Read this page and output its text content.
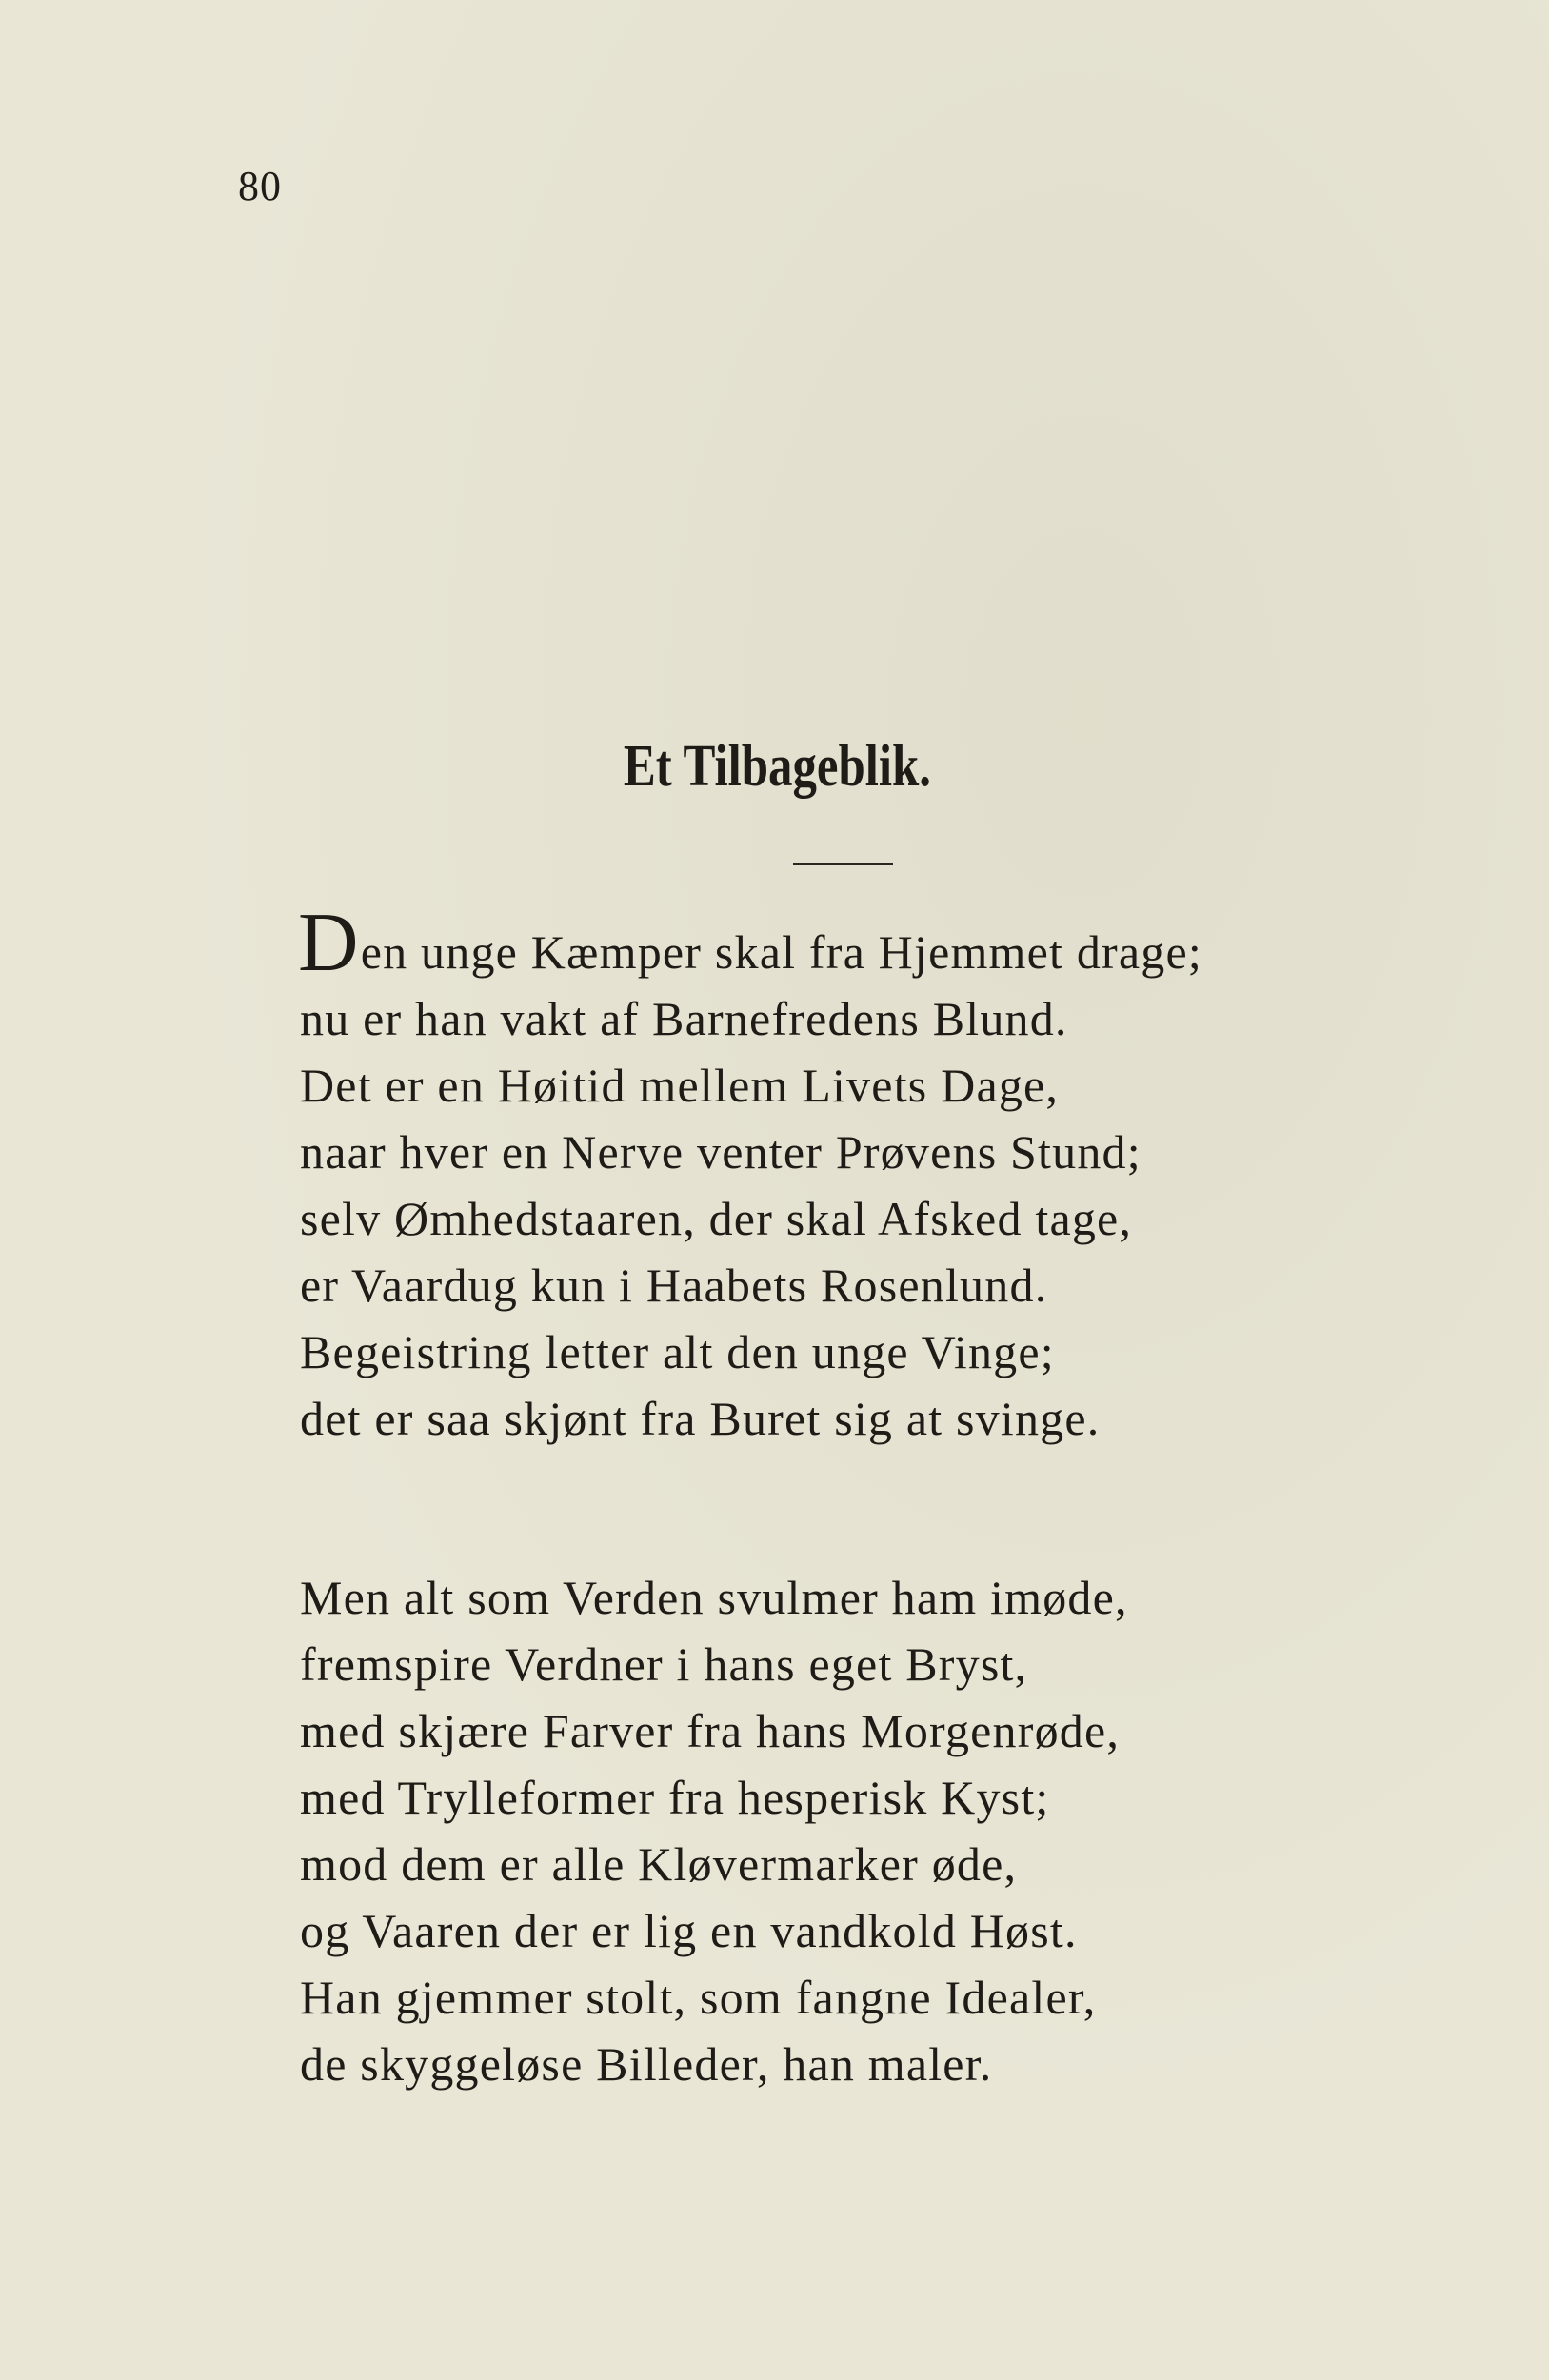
80
Et Tilbageblik.
Den unge Kæmper skal fra Hjemmet drage;
nu er han vakt af Barnefredens Blund.
Det er en Høitid mellem Livets Dage,
naar hver en Nerve venter Prøvens Stund;
selv Ømhedstaaren, der skal Afsked tage,
er Vaardug kun i Haabets Rosenlund.
Begeistring letter alt den unge Vinge;
det er saa skjønt fra Buret sig at svinge.
Men alt som Verden svulmer ham imøde,
fremspire Verdner i hans eget Bryst,
med skjære Farver fra hans Morgenrøde,
med Trylleformer fra hesperisk Kyst;
mod dem er alle Kløvermarker øde,
og Vaaren der er lig en vandkold Høst.
Han gjemmer stolt, som fangne Idealer,
de skyggeløse Billeder, han maler.
